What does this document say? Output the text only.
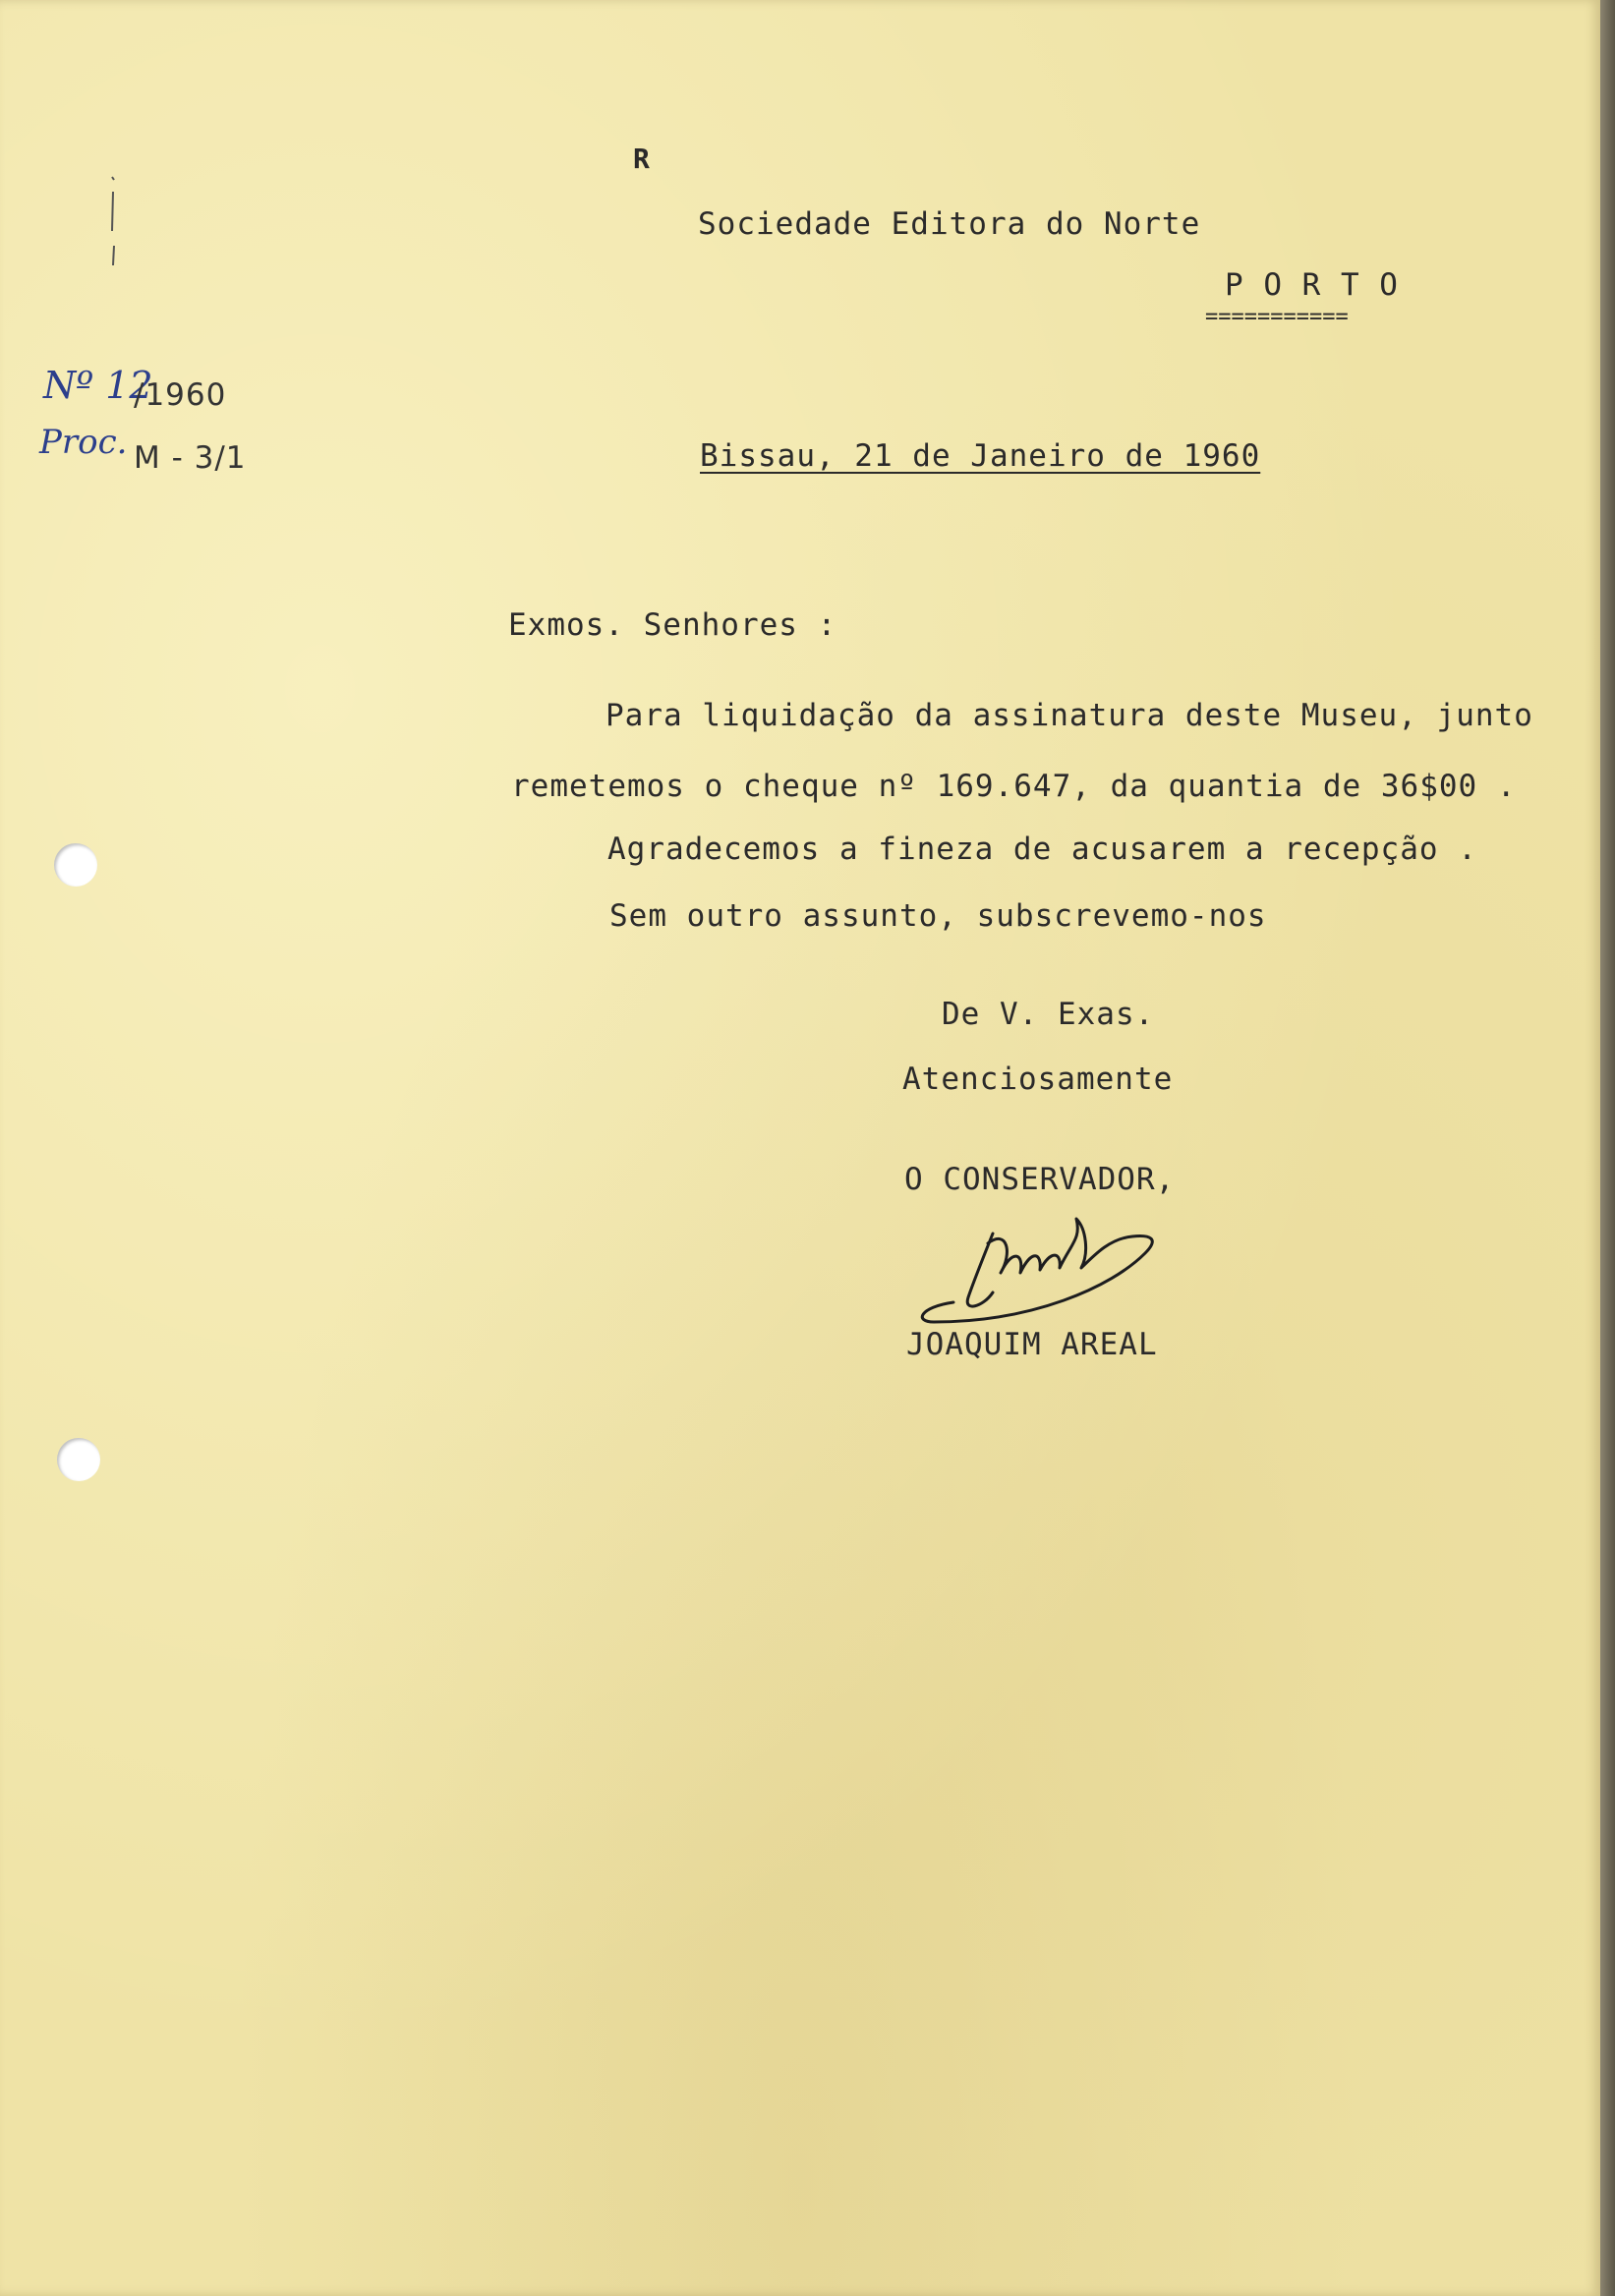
R
Sociedade Editora do Norte
P O R T O
===========
Nº 12
/1960
Proc. M - 3/1	Bissau, 21 de Janeiro de 1960
Exmos. Senhores :
Para liquidação da assinatura deste Museu, junto
remetemos o cheque nº 169.647, da quantia de 36$00 .
Agradecemos a fineza de acusarem a recepção .
Sem outro assunto, subscrevemo-nos
De V. Exas.
Atenciosamente
O CONSERVADOR,
JOAQUIM AREAL
